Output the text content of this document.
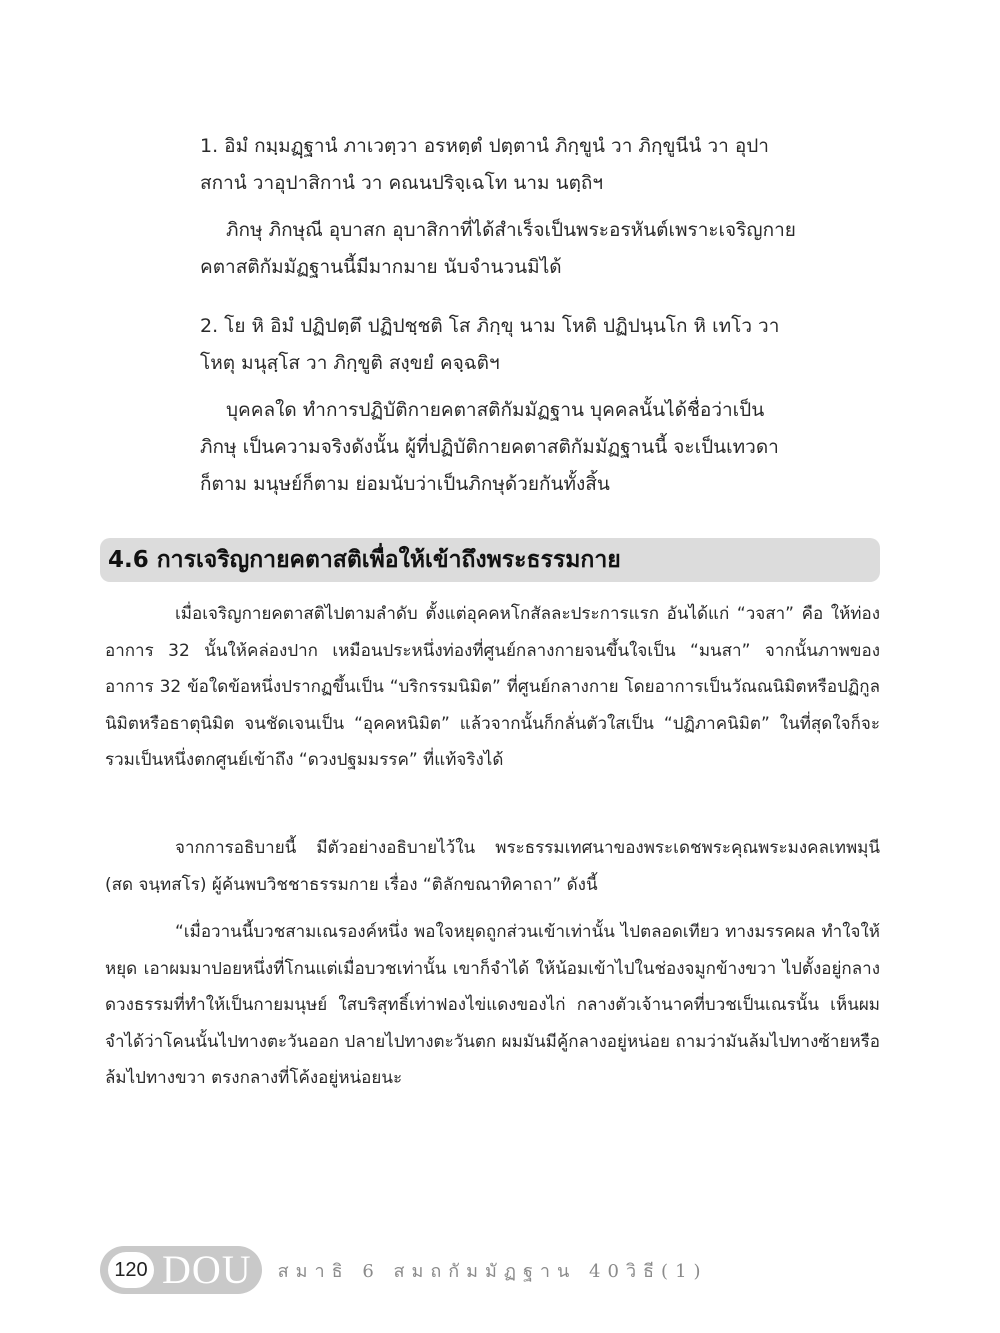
1. อิมํ กมฺมฏฺฐานํ ภาเวตฺวา อรหตฺตํ ปตฺตานํ ภิกฺขูนํ วา ภิกฺขูนีนํ วา อุปาสกานํ วาอุปาสิกานํ วา คณนปริจฺเฉโท นาม นตฺถิฯ

ภิกษุ ภิกษุณี อุบาสก อุบาสิกาที่ได้สำเร็จเป็นพระอรหันต์เพราะเจริญกายคตาสติกัมมัฏฐานนี้มีมากมาย นับจำนวนมิได้

2. โย หิ อิมํ ปฏิปตฺตึ ปฏิปชฺชติ โส ภิกฺขุ นาม โหติ ปฏิปนฺนโก หิ เทโว วา โหตุ มนุสฺโส วา ภิกฺขูติ สงฺขยํ คจฺฉติฯ

บุคคลใด ทำการปฏิบัติกายคตาสติกัมมัฏฐาน บุคคลนั้นได้ชื่อว่าเป็นภิกษุ เป็นความจริงดังนั้น ผู้ที่ปฏิบัติกายคตาสติกัมมัฏฐานนี้ จะเป็นเทวดาก็ตาม มนุษย์ก็ตาม ย่อมนับว่าเป็นภิกษุด้วยกันทั้งสิ้น

4.6 การเจริญกายคตาสติเพื่อให้เข้าถึงพระธรรมกาย

เมื่อเจริญกายคตาสติไปตามลำดับ ตั้งแต่อุคคหโกสัลละประการแรก อันได้แก่ “วจสา” คือ ให้ท่องอาการ 32 นั้นให้คล่องปาก เหมือนประหนึ่งท่องที่ศูนย์กลางกายจนขึ้นใจเป็น “มนสา” จากนั้นภาพของอาการ 32 ข้อใดข้อหนึ่งปรากฏขึ้นเป็น “บริกรรมนิมิต” ที่ศูนย์กลางกาย โดยอาการเป็นวัณณนิมิตหรือปฏิกูลนิมิตหรือธาตุนิมิต จนชัดเจนเป็น “อุคคหนิมิต” แล้วจากนั้นก็กลั่นตัวใสเป็น “ปฏิภาคนิมิต” ในที่สุดใจก็จะรวมเป็นหนึ่งตกศูนย์เข้าถึง “ดวงปฐมมรรค” ที่แท้จริงได้

จากการอธิบายนี้ มีตัวอย่างอธิบายไว้ใน พระธรรมเทศนาของพระเดชพระคุณพระมงคลเทพมุนี (สด จนฺทสโร) ผู้ค้นพบวิชชาธรรมกาย เรื่อง “ติลักขณาทิคาถา” ดังนี้

“เมื่อวานนี้บวชสามเณรองค์หนึ่ง พอใจหยุดถูกส่วนเข้าเท่านั้น ไปตลอดเทียว ทางมรรคผล ทำใจให้หยุด เอาผมมาปอยหนึ่งที่โกนแต่เมื่อบวชเท่านั้น เขาก็จำได้ ให้น้อมเข้าไปในช่องจมูกข้างขวา ไปตั้งอยู่กลางดวงธรรมที่ทำให้เป็นกายมนุษย์ ใสบริสุทธิ์เท่าฟองไข่แดงของไก่ กลางตัวเจ้านาคที่บวชเป็นเณรนั้น เห็นผมจำได้ว่าโคนนั้นไปทางตะวันออก ปลายไปทางตะวันตก ผมมันมีคู้กลางอยู่หน่อย ถามว่ามันล้มไปทางซ้ายหรือล้มไปทางขวา ตรงกลางที่โค้งอยู่หน่อยนะ

120 DOU สมาธิ 6 สมถกัมมัฏฐาน 40วิธี(1)
